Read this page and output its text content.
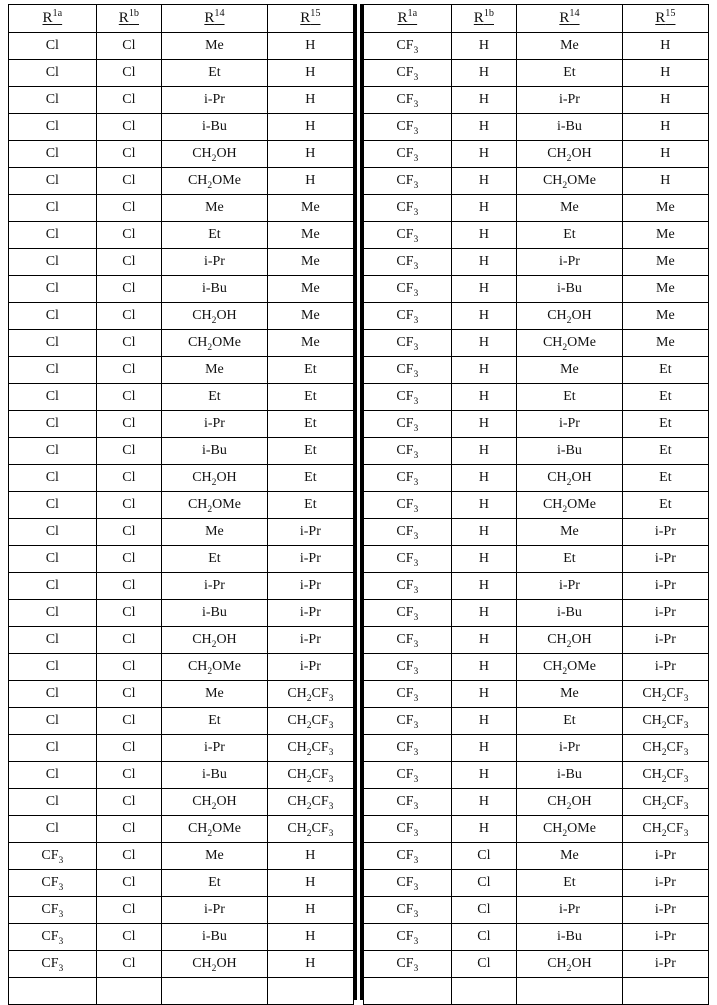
$R^{1a}$	$R^{1b}$	$R^{14}$	$R^{15}$
Cl	Cl	Me	H
Cl	Cl	Et	H
Cl	Cl	i-Pr	H
Cl	Cl	i-Bu	H
Cl	Cl	$CH_2OH$	H
Cl	Cl	$CH_2OMe$	H
Cl	Cl	Me	Me
Cl	Cl	Et	Me
Cl	Cl	i-Pr	Me
Cl	Cl	i-Bu	Me
Cl	Cl	$CH_2OH$	Me
Cl	Cl	$CH_2OMe$	Me
Cl	Cl	Me	Et
Cl	Cl	Et	Et
Cl	Cl	i-Pr	Et
Cl	Cl	i-Bu	Et
Cl	Cl	$CH_2OH$	Et
Cl	Cl	$CH_2OMe$	Et
Cl	Cl	Me	i-Pr
Cl	Cl	Et	i-Pr
Cl	Cl	i-Pr	i-Pr
Cl	Cl	i-Bu	i-Pr
Cl	Cl	$CH_2OH$	i-Pr
Cl	Cl	$CH_2OMe$	i-Pr
Cl	Cl	Me	$CH_2CF_3$
Cl	Cl	Et	$CH_2CF_3$
Cl	Cl	i-Pr	$CH_2CF_3$
Cl	Cl	i-Bu	$CH_2CF_3$
Cl	Cl	$CH_2OH$	$CH_2CF_3$
Cl	Cl	$CH_2OMe$	$CH_2CF_3$
$CF_3$	Cl	Me	H
$CF_3$	Cl	Et	H
$CF_3$	Cl	i-Pr	H
$CF_3$	Cl	i-Bu	H
$CF_3$	Cl	$CH_2OH$	H

$R^{1a}$	$R^{1b}$	$R^{14}$	$R^{15}$
$CF_3$	H	Me	H
$CF_3$	H	Et	H
$CF_3$	H	i-Pr	H
$CF_3$	H	i-Bu	H
$CF_3$	H	$CH_2OH$	H
$CF_3$	H	$CH_2OMe$	H
$CF_3$	H	Me	Me
$CF_3$	H	Et	Me
$CF_3$	H	i-Pr	Me
$CF_3$	H	i-Bu	Me
$CF_3$	H	$CH_2OH$	Me
$CF_3$	H	$CH_2OMe$	Me
$CF_3$	H	Me	Et
$CF_3$	H	Et	Et
$CF_3$	H	i-Pr	Et
$CF_3$	H	i-Bu	Et
$CF_3$	H	$CH_2OH$	Et
$CF_3$	H	$CH_2OMe$	Et
$CF_3$	H	Me	i-Pr
$CF_3$	H	Et	i-Pr
$CF_3$	H	i-Pr	i-Pr
$CF_3$	H	i-Bu	i-Pr
$CF_3$	H	$CH_2OH$	i-Pr
$CF_3$	H	$CH_2OMe$	i-Pr
$CF_3$	H	Me	$CH_2CF_3$
$CF_3$	H	Et	$CH_2CF_3$
$CF_3$	H	i-Pr	$CH_2CF_3$
$CF_3$	H	i-Bu	$CH_2CF_3$
$CF_3$	H	$CH_2OH$	$CH_2CF_3$
$CF_3$	H	$CH_2OMe$	$CH_2CF_3$
$CF_3$	Cl	Me	i-Pr
$CF_3$	Cl	Et	i-Pr
$CF_3$	Cl	i-Pr	i-Pr
$CF_3$	Cl	i-Bu	i-Pr
$CF_3$	Cl	$CH_2OH$	i-Pr
